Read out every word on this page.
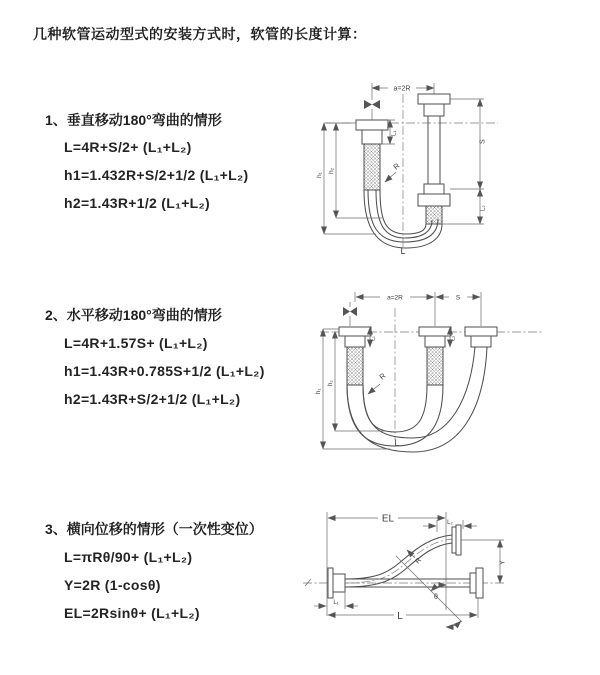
几种软管运动型式的安装方式时，软管的长度计算：
1、垂直移动180°弯曲的情形
L=4R+S/2+ (L₁+L₂)
h1=1.432R+S/2+1/2 (L₁+L₂)
h2=1.43R+1/2 (L₁+L₂)
a=2R
h₁
h₂
L₁
S
L₂
R
L
2、水平移动180°弯曲的情形
L=4R+1.57S+ (L₁+L₂)
h1=1.43R+0.785S+1/2 (L₁+L₂)
h2=1.43R+S/2+1/2 (L₁+L₂)
a=2R	S
h₁
h₂
L₁	L₂
R
L
3、横向位移的情形（一次性变位）
L=πRθ/90+ (L₁+L₂)
Y=2R (1-cosθ)
EL=2Rsinθ+ (L₁+L₂)
EL	L₂
R
θ
Y
L₁
L
